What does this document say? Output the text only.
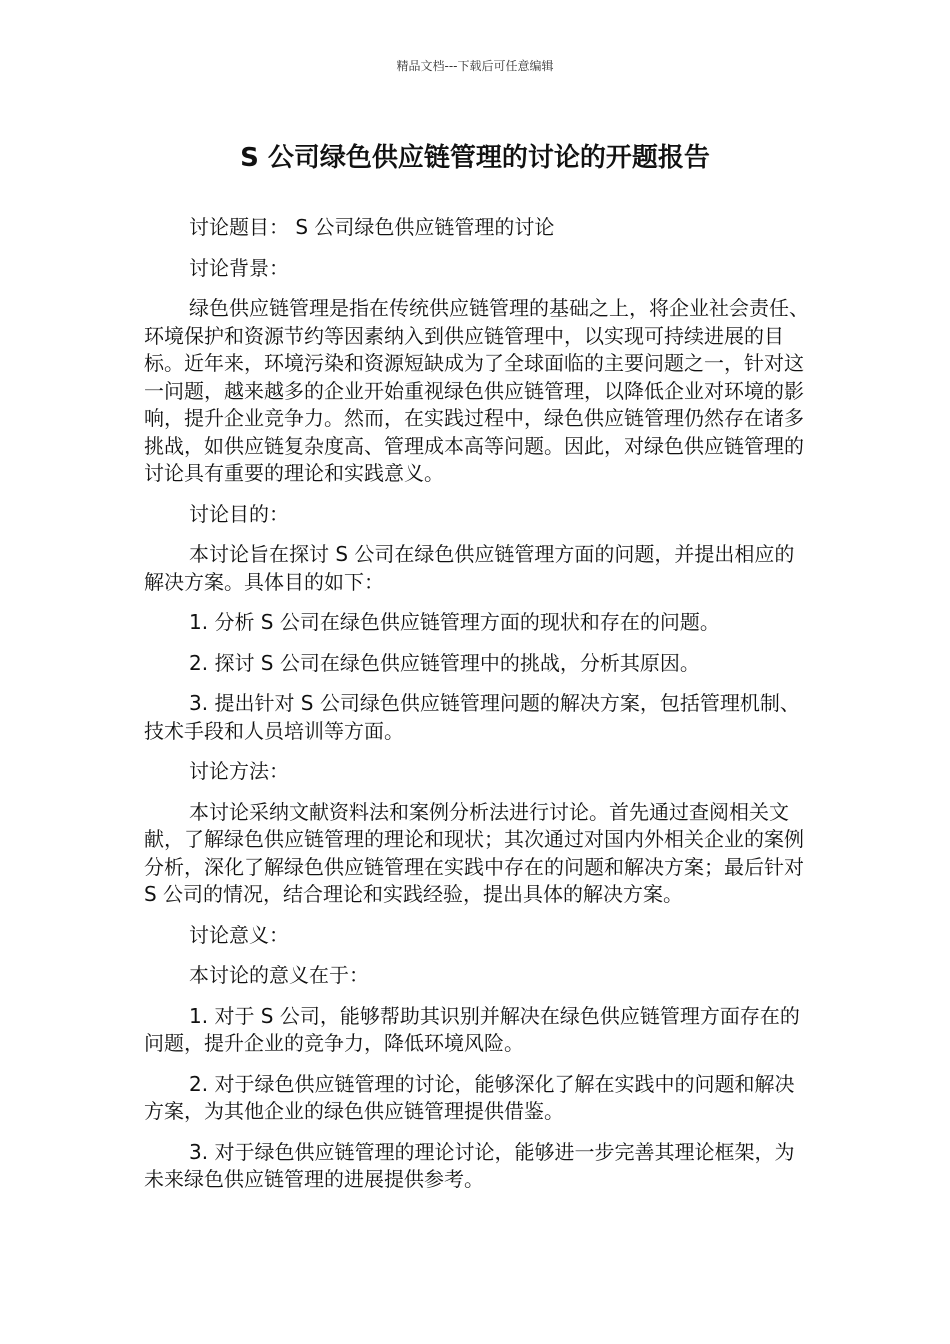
精品文档---下载后可任意编辑
S 公司绿色供应链管理的讨论的开题报告

讨论题目： S 公司绿色供应链管理的讨论

讨论背景：

绿色供应链管理是指在传统供应链管理的基础之上，将企业社会责任、环境保护和资源节约等因素纳入到供应链管理中，以实现可持续进展的目标。近年来，环境污染和资源短缺成为了全球面临的主要问题之一，针对这一问题，越来越多的企业开始重视绿色供应链管理，以降低企业对环境的影响，提升企业竞争力。然而，在实践过程中，绿色供应链管理仍然存在诸多挑战，如供应链复杂度高、管理成本高等问题。因此，对绿色供应链管理的讨论具有重要的理论和实践意义。

讨论目的：

本讨论旨在探讨 S 公司在绿色供应链管理方面的问题，并提出相应的解决方案。具体目的如下：

1. 分析 S 公司在绿色供应链管理方面的现状和存在的问题。

2. 探讨 S 公司在绿色供应链管理中的挑战，分析其原因。

3. 提出针对 S 公司绿色供应链管理问题的解决方案，包括管理机制、技术手段和人员培训等方面。

讨论方法：

本讨论采纳文献资料法和案例分析法进行讨论。首先通过查阅相关文献，了解绿色供应链管理的理论和现状；其次通过对国内外相关企业的案例分析，深化了解绿色供应链管理在实践中存在的问题和解决方案；最后针对 S 公司的情况，结合理论和实践经验，提出具体的解决方案。

讨论意义：

本讨论的意义在于：

1. 对于 S 公司，能够帮助其识别并解决在绿色供应链管理方面存在的问题，提升企业的竞争力，降低环境风险。

2. 对于绿色供应链管理的讨论，能够深化了解在实践中的问题和解决方案，为其他企业的绿色供应链管理提供借鉴。

3. 对于绿色供应链管理的理论讨论，能够进一步完善其理论框架，为未来绿色供应链管理的进展提供参考。
